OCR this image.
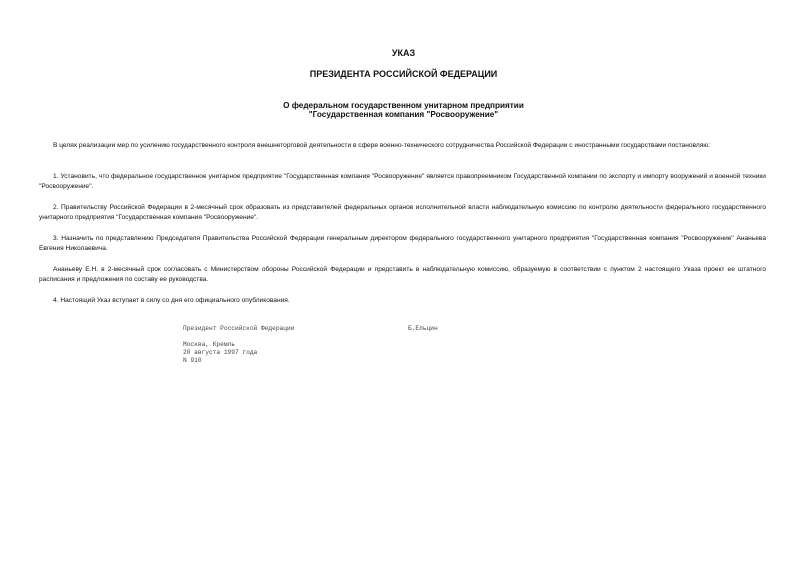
УКАЗ
ПРЕЗИДЕНТА РОССИЙСКОЙ ФЕДЕРАЦИИ
О федеральном государственном унитарном предприятии
"Государственная компания "Росвооружение"
В целях реализации мер по усилению государственного контроля внешнеторговой деятельности в сфере военно-технического сотрудничества Российской Федерации с иностранными государствами постановляю:
1. Установить, что федеральное государственное унитарное предприятие "Государственная компания "Росвооружение" является правопреемником Государственной компании по экспорту и импорту вооружений и военной техники "Росвооружение".
2. Правительству Российской Федерации в 2-месячный срок образовать из представителей федеральных органов исполнительной власти наблюдательную комиссию по контролю деятельности федерального государственного унитарного предприятия "Государственная компания "Росвооружение".
3. Назначить по представлению Председателя Правительства Российской Федерации генеральным директором федерального государственного унитарного предприятия "Государственная компания "Росвооружение" Ананьева Евгения Николаевича.
Ананьеву Е.Н. в 2-месячный срок согласовать с Министерством обороны Российской Федерации и представить в наблюдательную комиссию, образуемую в соответствии с пунктом 2 настоящего Указа проект ее штатного расписания и предложения по составу ее руководства.
4. Настоящий Указ вступает в силу со дня его официального опубликования.
Президент Российской Федерации	Б.Ельцин
Москва, Кремль
20 августа 1997 года
N 910
